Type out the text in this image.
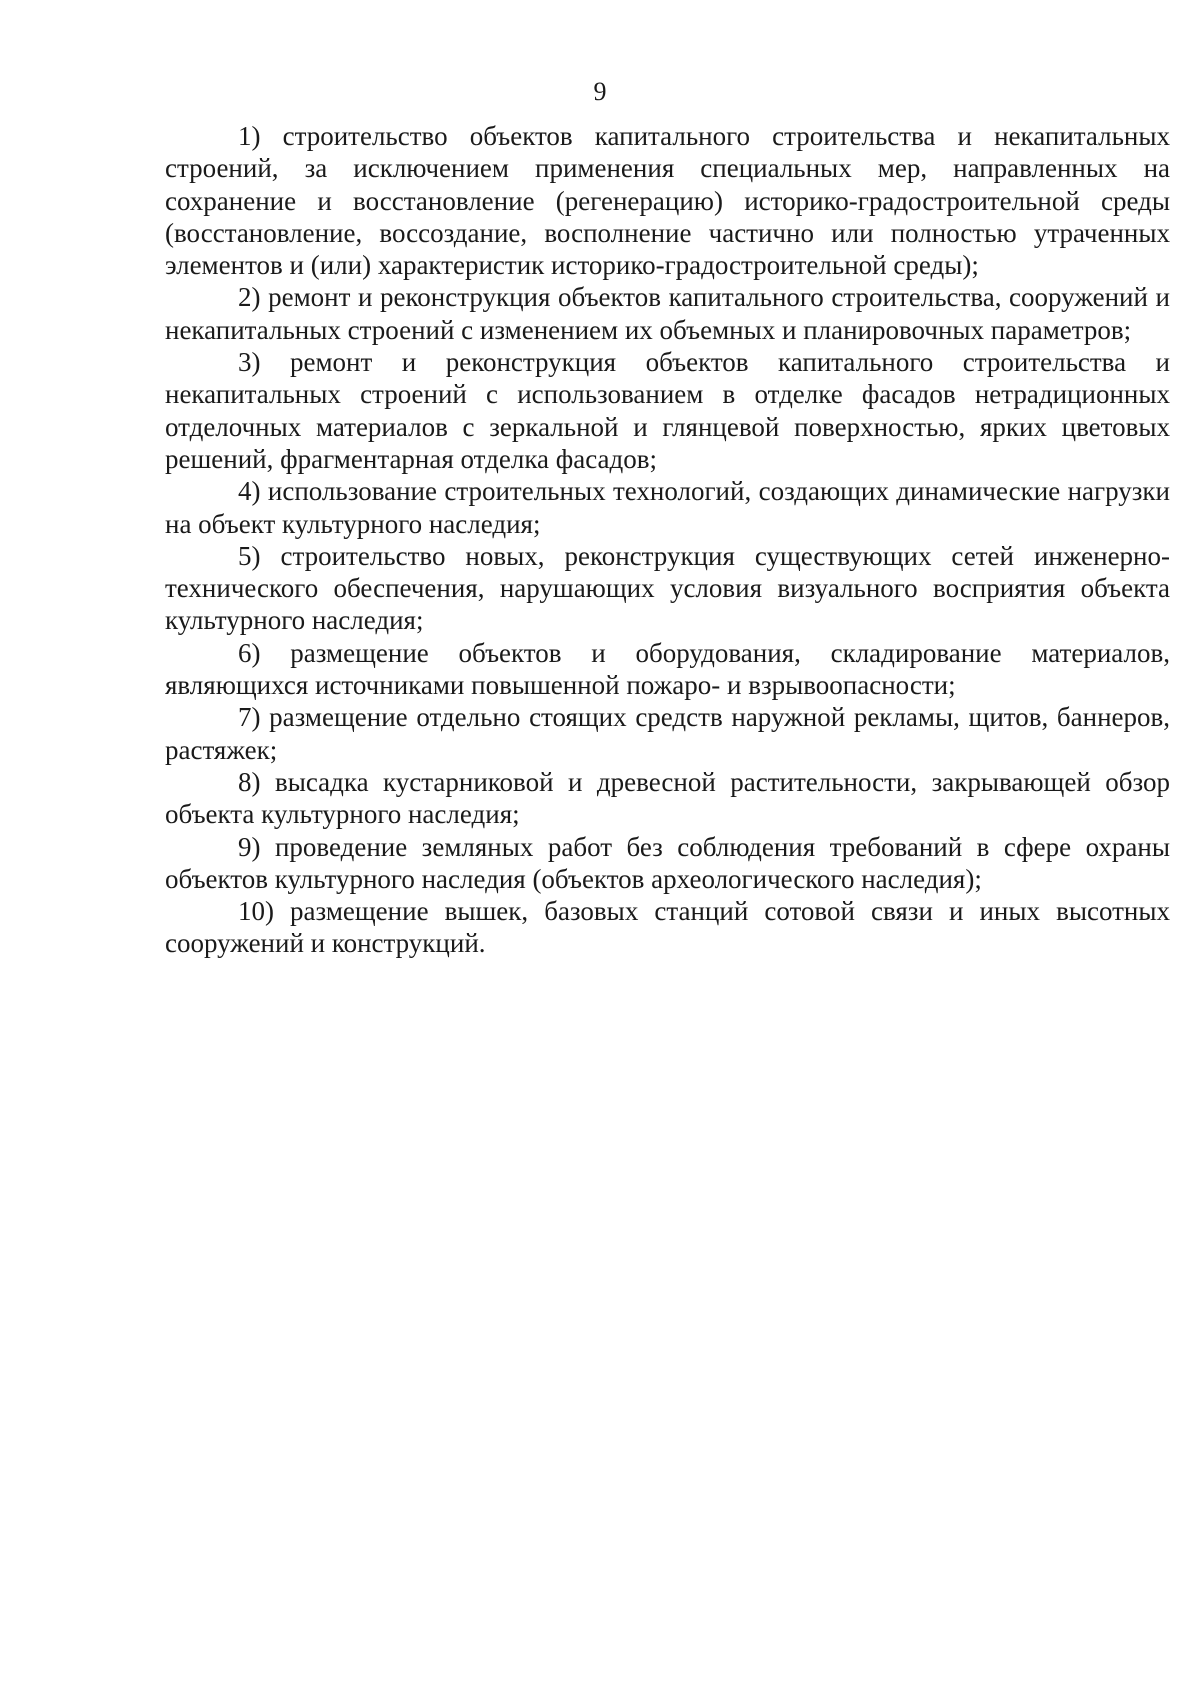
9

1) строительство объектов капитального строительства и некапитальных строений, за исключением применения специальных мер, направленных на сохранение и восстановление (регенерацию) историко-градостроительной среды (восстановление, воссоздание, восполнение частично или полностью утраченных элементов и (или) характеристик историко-градостроительной среды);

2) ремонт и реконструкция объектов капитального строительства, сооружений и некапитальных строений с изменением их объемных и планировочных параметров;

3) ремонт и реконструкция объектов капитального строительства и некапитальных строений с использованием в отделке фасадов нетрадиционных отделочных материалов с зеркальной и глянцевой поверхностью, ярких цветовых решений, фрагментарная отделка фасадов;

4) использование строительных технологий, создающих динамические нагрузки на объект культурного наследия;

5) строительство новых, реконструкция существующих сетей инженерно-технического обеспечения, нарушающих условия визуального восприятия объекта культурного наследия;

6) размещение объектов и оборудования, складирование материалов, являющихся источниками повышенной пожаро- и взрывоопасности;

7) размещение отдельно стоящих средств наружной рекламы, щитов, баннеров, растяжек;

8) высадка кустарниковой и древесной растительности, закрывающей обзор объекта культурного наследия;

9) проведение земляных работ без соблюдения требований в сфере охраны объектов культурного наследия (объектов археологического наследия);

10) размещение вышек, базовых станций сотовой связи и иных высотных сооружений и конструкций.
